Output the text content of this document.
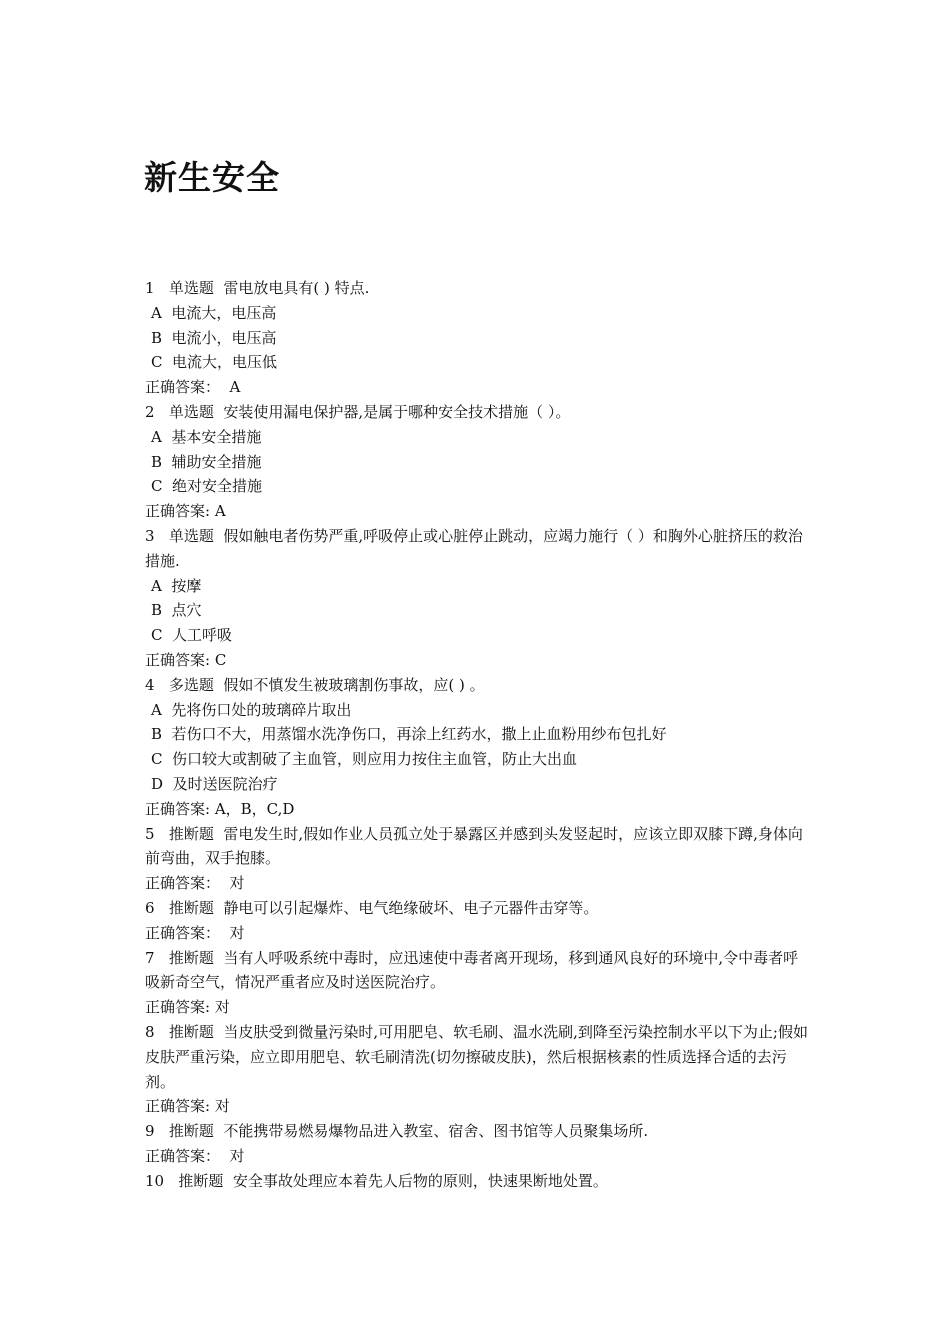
新生安全
1   单选题  雷电放电具有( ) 特点.
A  电流大，电压高
B  电流小，电压高
C  电流大，电压低
正确答案：  A
2   单选题  安装使用漏电保护器,是属于哪种安全技术措施（ ）。
A  基本安全措施
B  辅助安全措施
C  绝对安全措施
正确答案: A
3   单选题  假如触电者伤势严重,呼吸停止或心脏停止跳动，应竭力施行（ ）和胸外心脏挤压的救治措施.
A  按摩
B  点穴
C  人工呼吸
正确答案: C
4   多选题  假如不慎发生被玻璃割伤事故，应( ) 。
A  先将伤口处的玻璃碎片取出
B  若伤口不大，用蒸馏水洗净伤口，再涂上红药水，撒上止血粉用纱布包扎好
C  伤口较大或割破了主血管，则应用力按住主血管，防止大出血
D  及时送医院治疗
正确答案: A，B，C,D
5   推断题  雷电发生时,假如作业人员孤立处于暴露区并感到头发竖起时，应该立即双膝下蹲,身体向前弯曲，双手抱膝。
正确答案：  对
6   推断题  静电可以引起爆炸、电气绝缘破坏、电子元器件击穿等。
正确答案：  对
7   推断题  当有人呼吸系统中毒时，应迅速使中毒者离开现场，移到通风良好的环境中,令中毒者呼吸新奇空气，情况严重者应及时送医院治疗。
正确答案: 对
8   推断题  当皮肤受到微量污染时,可用肥皂、软毛刷、温水洗刷,到降至污染控制水平以下为止;假如皮肤严重污染，应立即用肥皂、软毛刷清洗(切勿擦破皮肤)，然后根据核素的性质选择合适的去污剂。
正确答案: 对
9   推断题  不能携带易燃易爆物品进入教室、宿舍、图书馆等人员聚集场所.
正确答案：  对
10   推断题  安全事故处理应本着先人后物的原则，快速果断地处置。
